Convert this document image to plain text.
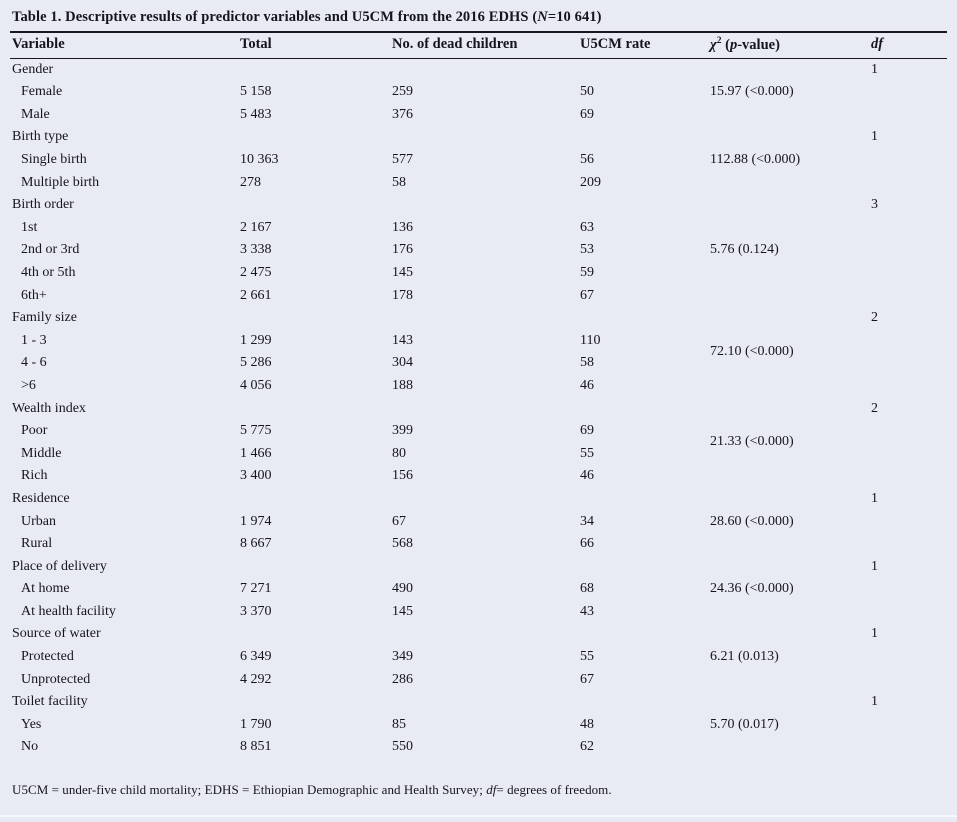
Table 1. Descriptive results of predictor variables and U5CM from the 2016 EDHS (N=10 641)
Variable	Total	No. of dead children	U5CM rate	$\chi^2$ (p-value)	df
Gender					1
Female	5 158	259	50	15.97 (<0.000)	
Male	5 483	376	69		
Birth type					1
Single birth	10 363	577	56	112.88 (<0.000)	
Multiple birth	278	58	209		
Birth order					3
1st	2 167	136	63		
2nd or 3rd	3 338	176	53	5.76 (0.124)	
4th or 5th	2 475	145	59		
6th+	2 661	178	67		
Family size					2
1 - 3	1 299	143	110	72.10 (<0.000)	
4 - 6	5 286	304	58		
>6	4 056	188	46		
Wealth index					2
Poor	5 775	399	69	21.33 (<0.000)	
Middle	1 466	80	55		
Rich	3 400	156	46		
Residence					1
Urban	1 974	67	34	28.60 (<0.000)	
Rural	8 667	568	66		
Place of delivery					1
At home	7 271	490	68	24.36 (<0.000)	
At health facility	3 370	145	43		
Source of water					1
Protected	6 349	349	55	6.21 (0.013)	
Unprotected	4 292	286	67		
Toilet facility					1
Yes	1 790	85	48	5.70 (0.017)	
No	8 851	550	62		
U5CM = under-five child mortality; EDHS = Ethiopian Demographic and Health Survey; df= degrees of freedom.
